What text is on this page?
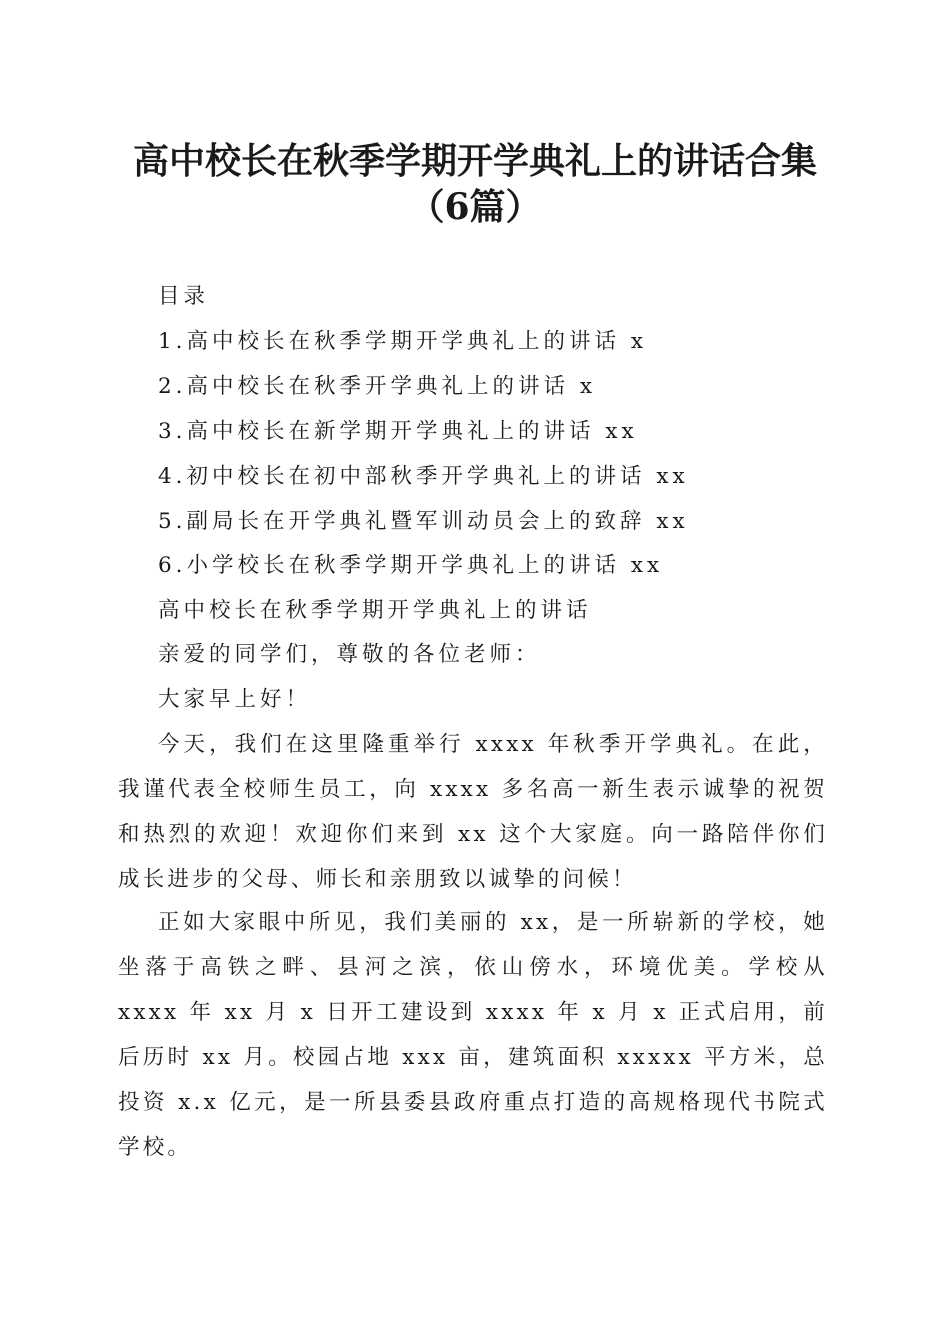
高中校长在秋季学期开学典礼上的讲话合集
（6篇）

目录

1.高中校长在秋季学期开学典礼上的讲话 x

2.高中校长在秋季开学典礼上的讲话 x

3.高中校长在新学期开学典礼上的讲话 xx

4.初中校长在初中部秋季开学典礼上的讲话 xx

5.副局长在开学典礼暨军训动员会上的致辞 xx

6.小学校长在秋季学期开学典礼上的讲话 xx

高中校长在秋季学期开学典礼上的讲话

亲爱的同学们，尊敬的各位老师：

大家早上好！

今天，我们在这里隆重举行 xxxx 年秋季开学典礼。在此，我谨代表全校师生员工，向 xxxx 多名高一新生表示诚挚的祝贺和热烈的欢迎！欢迎你们来到 xx 这个大家庭。向一路陪伴你们成长进步的父母、师长和亲朋致以诚挚的问候！

正如大家眼中所见，我们美丽的 xx，是一所崭新的学校，她坐落于高铁之畔、县河之滨，依山傍水，环境优美。学校从 xxxx 年 xx 月 x 日开工建设到 xxxx 年 x 月 x 正式启用，前后历时 xx 月。校园占地 xxx 亩，建筑面积 xxxxx 平方米，总投资 x.x 亿元，是一所县委县政府重点打造的高规格现代书院式学校。
